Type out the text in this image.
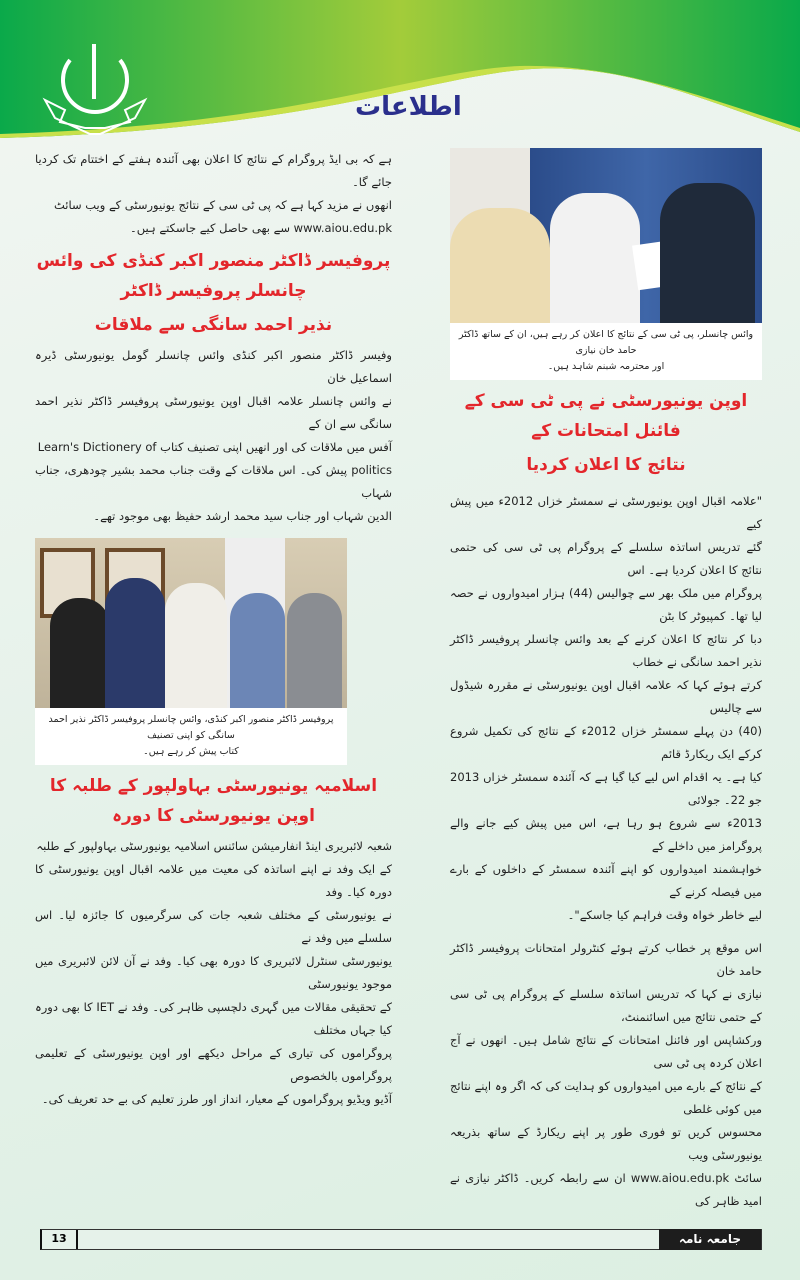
اطلاعات
ہے کہ بی ایڈ پروگرام کے نتائج کا اعلان بھی آئندہ ہفتے کے اختتام تک کردیا جائے گا۔
انھوں نے مزید کہا ہے کہ پی ٹی سی کے نتائج یونیورسٹی کے ویب سائٹ
www.aiou.edu.pk سے بھی حاصل کیے جاسکتے ہیں۔
پروفیسر ڈاکٹر منصور اکبر کنڈی کی وائس چانسلر پروفیسر ڈاکٹر
نذیر احمد سانگی سے ملاقات
وفیسر ڈاکٹر منصور اکبر کنڈی وائس چانسلر گومل یونیورسٹی ڈیرہ اسماعیل خان
نے وائس چانسلر علامہ اقبال اوپن یونیورسٹی پروفیسر ڈاکٹر نذیر احمد سانگی سے ان کے
آفس میں ملاقات کی اور انھیں اپنی تصنیف کتاب Learn's Dictionery of
politics پیش کی۔ اس ملاقات کے وقت جناب محمد بشیر چودھری، جناب شہاب
الدین شہاب اور جناب سید محمد ارشد حفیظ بھی موجود تھے۔
پروفیسر ڈاکٹر منصور اکبر کنڈی، وائس چانسلر پروفیسر ڈاکٹر نذیر احمد سانگی کو اپنی تصنیف
کتاب پیش کر رہے ہیں۔
اسلامیہ یونیورسٹی بہاولپور کے طلبہ کا اوپن یونیورسٹی کا دورہ
شعبہ لائبریری اینڈ انفارمیشن سائنس اسلامیہ یونیورسٹی بہاولپور کے طلبہ
کے ایک وفد نے اپنے اساتذہ کی معیت میں علامہ اقبال اوپن یونیورسٹی کا دورہ کیا۔ وفد
نے یونیورسٹی کے مختلف شعبہ جات کی سرگرمیوں کا جائزہ لیا۔ اس سلسلے میں وفد نے
یونیورسٹی سنٹرل لائبریری کا دورہ بھی کیا۔ وفد نے آن لائن لائبریری میں موجود یونیورسٹی
کے تحقیقی مقالات میں گہری دلچسپی ظاہر کی۔ وفد نے IET کا بھی دورہ کیا جہاں مختلف
پروگراموں کی تیاری کے مراحل دیکھے اور اوپن یونیورسٹی کے تعلیمی پروگراموں بالخصوص
آڈیو ویڈیو پروگراموں کے معیار، انداز اور طرز تعلیم کی بے حد تعریف کی۔
وائس چانسلر، پی ٹی سی کے نتائج کا اعلان کر رہے ہیں، ان کے ساتھ ڈاکٹر حامد خان نیازی
اور محترمہ شبنم شاہد ہیں۔
اوپن یونیورسٹی نے پی ٹی سی کے فائنل امتحانات کے
نتائج کا اعلان کردیا
"علامہ اقبال اوپن یونیورسٹی نے سمسٹر خزاں 2012ء میں پیش کیے
گئے تدریس اساتذہ سلسلے کے پروگرام پی ٹی سی کی حتمی نتائج کا اعلان کردیا ہے۔ اس
پروگرام میں ملک بھر سے چوالیس (44) ہزار امیدواروں نے حصہ لیا تھا۔ کمپیوٹر کا بٹن
دبا کر نتائج کا اعلان کرنے کے بعد وائس چانسلر پروفیسر ڈاکٹر نذیر احمد سانگی نے خطاب
کرتے ہوئے کہا کہ علامہ اقبال اوپن یونیورسٹی نے مقررہ شیڈول سے چالیس
(40) دن پہلے سمسٹر خزاں 2012ء کے نتائج کی تکمیل شروع کرکے ایک ریکارڈ قائم
کیا ہے۔ یہ اقدام اس لیے کیا گیا ہے کہ آئندہ سمسٹر خزاں 2013 جو 22۔ جولائی
2013ء سے شروع ہو رہا ہے، اس میں پیش کیے جانے والے پروگرامز میں داخلے کے
خواہشمند امیدواروں کو اپنے آئندہ سمسٹر کے داخلوں کے بارے میں فیصلہ کرنے کے
لیے خاطر خواہ وقت فراہم کیا جاسکے"۔
اس موقع پر خطاب کرتے ہوئے کنٹرولر امتحانات پروفیسر ڈاکٹر حامد خان
نیازی نے کہا کہ تدریس اساتذہ سلسلے کے پروگرام پی ٹی سی کے حتمی نتائج میں اسائنمنٹ،
ورکشاپس اور فائنل امتحانات کے نتائج شامل ہیں۔ انھوں نے آج اعلان کردہ پی ٹی سی
کے نتائج کے بارے میں امیدواروں کو ہدایت کی کہ اگر وہ اپنے نتائج میں کوئی غلطی
محسوس کریں تو فوری طور پر اپنے ریکارڈ کے ساتھ بذریعہ یونیورسٹی ویب
سائٹ www.aiou.edu.pk ان سے رابطہ کریں۔ ڈاکٹر نیازی نے امید ظاہر کی
13	جامعہ نامہ
